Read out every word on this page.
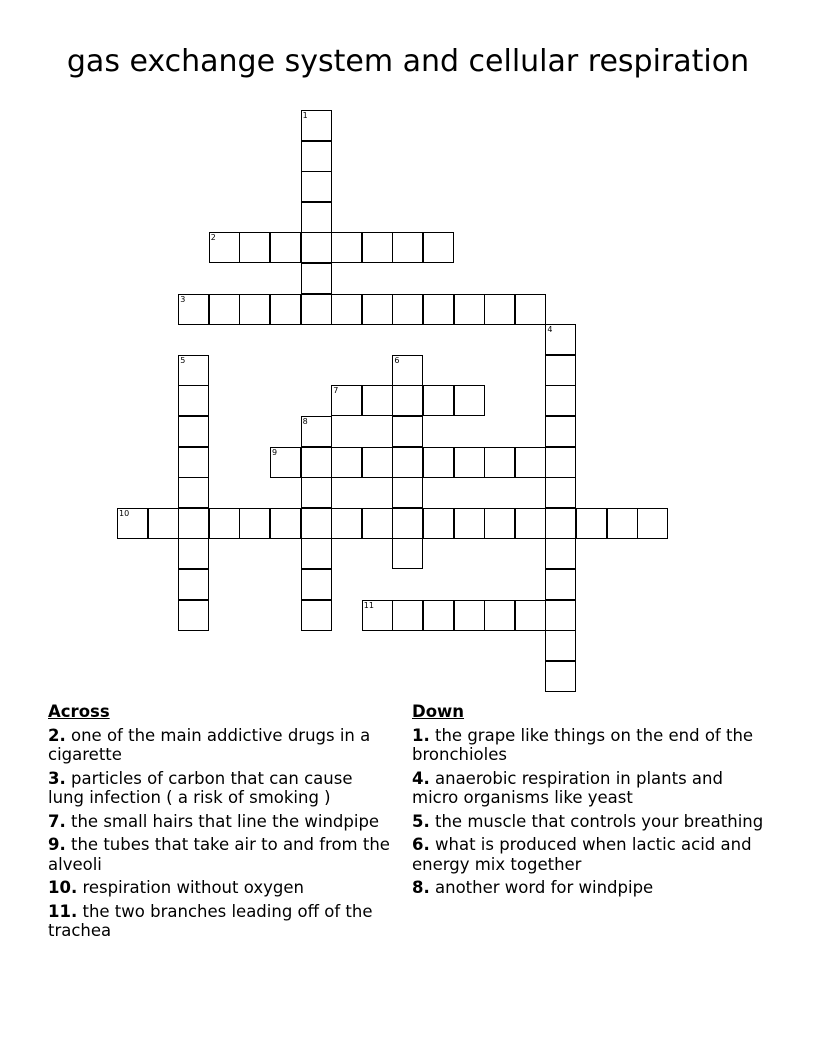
gas exchange system and cellular respiration
1
2
3
4
5	6
7
8
9
10
11
Across
2. one of the main addictive drugs in a cigarette
3. particles of carbon that can cause lung infection ( a risk of smoking )
7. the small hairs that line the windpipe
9. the tubes that take air to and from the alveoli
10. respiration without oxygen
11. the two branches leading off of the trachea
Down
1. the grape like things on the end of the bronchioles
4. anaerobic respiration in plants and micro organisms like yeast
5. the muscle that controls your breathing
6. what is produced when lactic acid and energy mix together
8. another word for windpipe
